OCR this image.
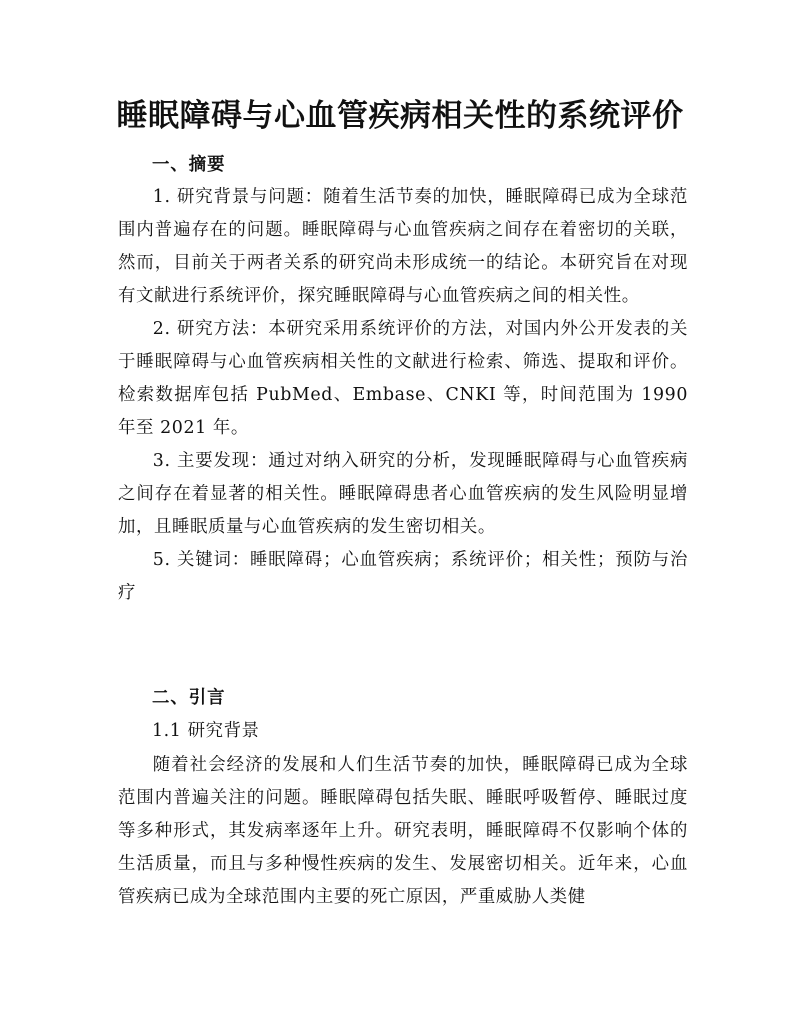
睡眠障碍与心血管疾病相关性的系统评价
一、摘要

1. 研究背景与问题：随着生活节奏的加快，睡眠障碍已成为全球范围内普遍存在的问题。睡眠障碍与心血管疾病之间存在着密切的关联，然而，目前关于两者关系的研究尚未形成统一的结论。本研究旨在对现有文献进行系统评价，探究睡眠障碍与心血管疾病之间的相关性。

2. 研究方法：本研究采用系统评价的方法，对国内外公开发表的关于睡眠障碍与心血管疾病相关性的文献进行检索、筛选、提取和评价。检索数据库包括 PubMed、Embase、CNKI 等，时间范围为 1990 年至 2021 年。

3. 主要发现：通过对纳入研究的分析，发现睡眠障碍与心血管疾病之间存在着显著的相关性。睡眠障碍患者心血管疾病的发生风险明显增加，且睡眠质量与心血管疾病的发生密切相关。

5. 关键词：睡眠障碍；心血管疾病；系统评价；相关性；预防与治疗

二、引言
1.1 研究背景

随着社会经济的发展和人们生活节奏的加快，睡眠障碍已成为全球范围内普遍关注的问题。睡眠障碍包括失眠、睡眠呼吸暂停、睡眠过度等多种形式，其发病率逐年上升。研究表明，睡眠障碍不仅影响个体的生活质量，而且与多种慢性疾病的发生、发展密切相关。近年来，心血管疾病已成为全球范围内主要的死亡原因，严重威胁人类健
